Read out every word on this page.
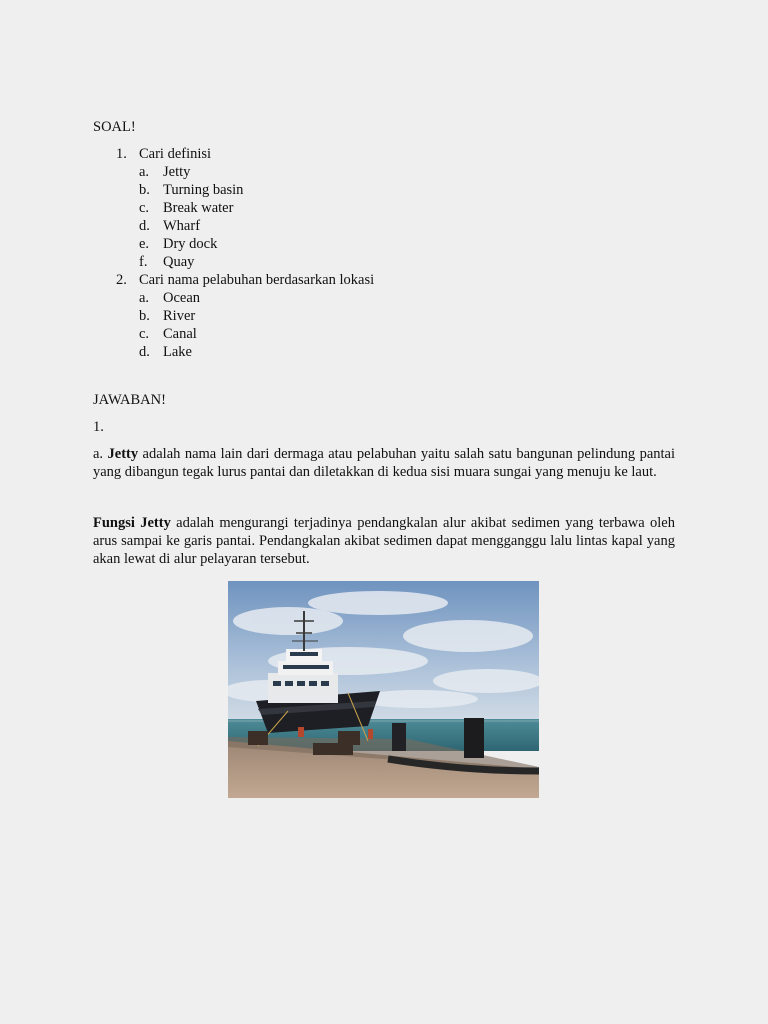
SOAL!
1. Cari definisi
a. Jetty
b. Turning basin
c. Break water
d. Wharf
e. Dry dock
f. Quay
2. Cari nama pelabuhan berdasarkan lokasi
a. Ocean
b. River
c. Canal
d. Lake
JAWABAN!
1.
a. Jetty adalah nama lain dari dermaga atau pelabuhan yaitu salah satu bangunan pelindung pantai yang dibangun tegak lurus pantai dan diletakkan di kedua sisi muara sungai yang menuju ke laut.
Fungsi Jetty adalah mengurangi terjadinya pendangkalan alur akibat sedimen yang terbawa oleh arus sampai ke garis pantai. Pendangkalan akibat sedimen dapat mengganggu lalu lintas kapal yang akan lewat di alur pelayaran tersebut.
